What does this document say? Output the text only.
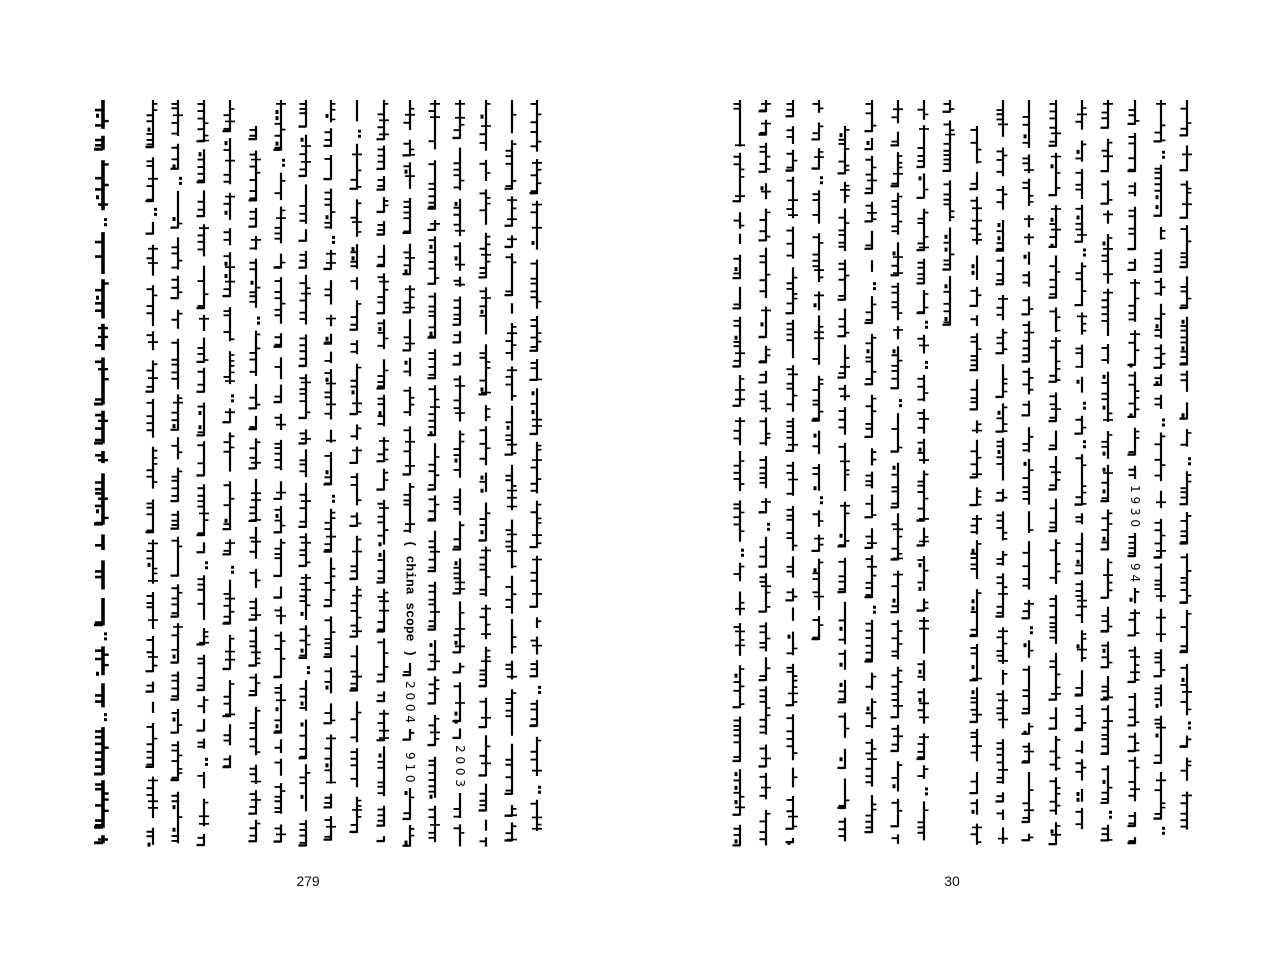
( china scope )
2 0 0 4
9 1 0	2 0 0 3
279
1 9 3 0
9 4
30
